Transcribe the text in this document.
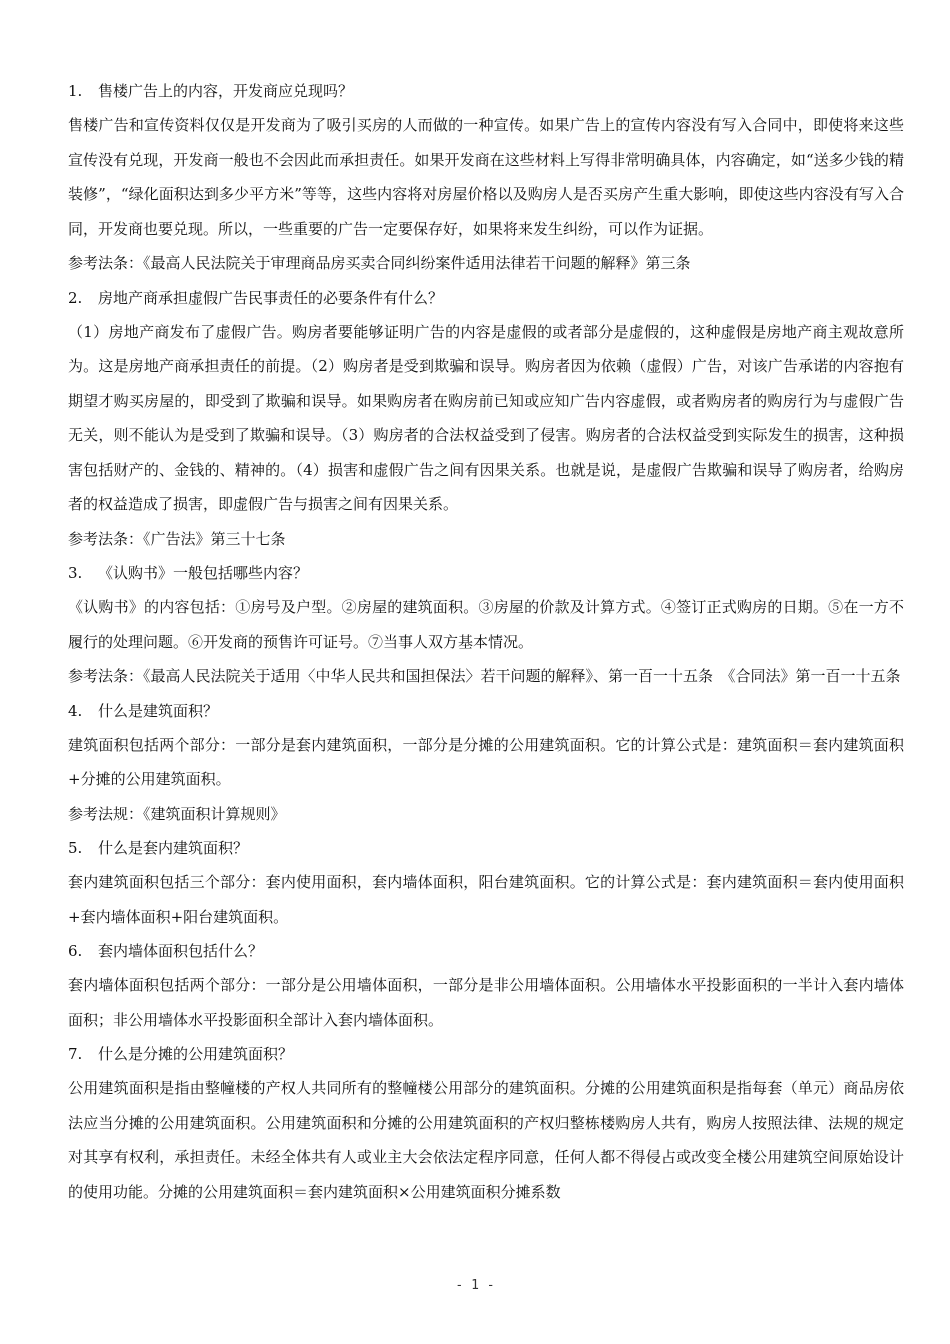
1. 售楼广告上的内容，开发商应兑现吗？

售楼广告和宣传资料仅仅是开发商为了吸引买房的人而做的一种宣传。如果广告上的宣传内容没有写入合同中，即使将来这些宣传没有兑现，开发商一般也不会因此而承担责任。如果开发商在这些材料上写得非常明确具体，内容确定，如“送多少钱的精装修”，“绿化面积达到多少平方米”等等，这些内容将对房屋价格以及购房人是否买房产生重大影响，即使这些内容没有写入合同，开发商也要兑现。所以，一些重要的广告一定要保存好，如果将来发生纠纷，可以作为证据。

参考法条：《最高人民法院关于审理商品房买卖合同纠纷案件适用法律若干问题的解释》第三条

2. 房地产商承担虚假广告民事责任的必要条件有什么？

（1）房地产商发布了虚假广告。购房者要能够证明广告的内容是虚假的或者部分是虚假的，这种虚假是房地产商主观故意所为。这是房地产商承担责任的前提。（2）购房者是受到欺骗和误导。购房者因为依赖（虚假）广告，对该广告承诺的内容抱有期望才购买房屋的，即受到了欺骗和误导。如果购房者在购房前已知或应知广告内容虚假，或者购房者的购房行为与虚假广告无关，则不能认为是受到了欺骗和误导。（3）购房者的合法权益受到了侵害。购房者的合法权益受到实际发生的损害，这种损害包括财产的、金钱的、精神的。（4）损害和虚假广告之间有因果关系。也就是说，是虚假广告欺骗和误导了购房者，给购房者的权益造成了损害，即虚假广告与损害之间有因果关系。

参考法条：《广告法》第三十七条

3. 《认购书》一般包括哪些内容？

《认购书》的内容包括：①房号及户型。②房屋的建筑面积。③房屋的价款及计算方式。④签订正式购房的日期。⑤在一方不履行的处理问题。⑥开发商的预售许可证号。⑦当事人双方基本情况。

参考法条：《最高人民法院关于适用〈中华人民共和国担保法〉若干问题的解释》、第一百一十五条　《合同法》第一百一十五条

4. 什么是建筑面积？

建筑面积包括两个部分：一部分是套内建筑面积，一部分是分摊的公用建筑面积。它的计算公式是：建筑面积＝套内建筑面积+分摊的公用建筑面积。

参考法规：《建筑面积计算规则》

5. 什么是套内建筑面积？

套内建筑面积包括三个部分：套内使用面积，套内墙体面积，阳台建筑面积。它的计算公式是：套内建筑面积＝套内使用面积+套内墙体面积+阳台建筑面积。

6. 套内墙体面积包括什么？

套内墙体面积包括两个部分：一部分是公用墙体面积，一部分是非公用墙体面积。公用墙体水平投影面积的一半计入套内墙体面积；非公用墙体水平投影面积全部计入套内墙体面积。

7. 什么是分摊的公用建筑面积？

公用建筑面积是指由整幢楼的产权人共同所有的整幢楼公用部分的建筑面积。分摊的公用建筑面积是指每套（单元）商品房依法应当分摊的公用建筑面积。公用建筑面积和分摊的公用建筑面积的产权归整栋楼购房人共有，购房人按照法律、法规的规定对其享有权利，承担责任。未经全体共有人或业主大会依法定程序同意，任何人都不得侵占或改变全楼公用建筑空间原始设计的使用功能。分摊的公用建筑面积＝套内建筑面积×公用建筑面积分摊系数

- 1 -
